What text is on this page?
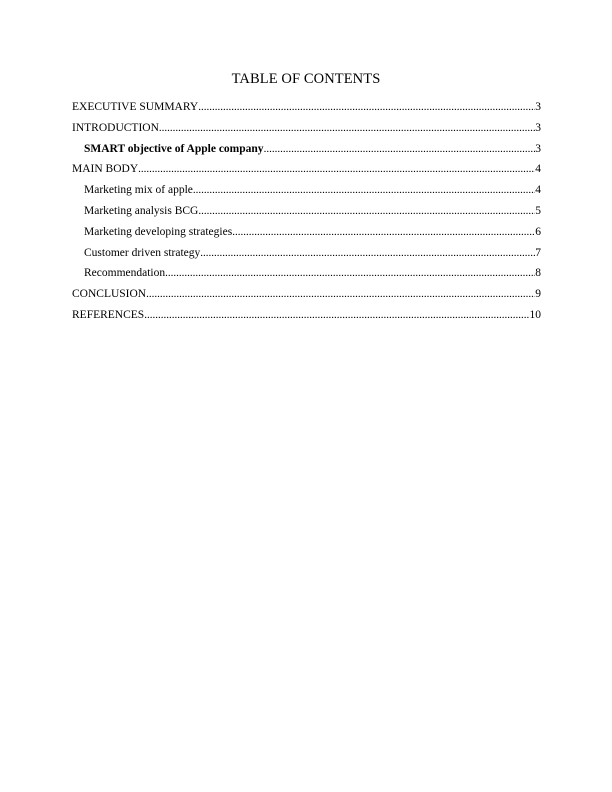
TABLE OF CONTENTS
EXECUTIVE SUMMARY .....	3
INTRODUCTION .....	3
SMART objective of Apple company .....	3
MAIN BODY .....	4
Marketing mix of apple .....	4
Marketing analysis BCG .....	5
Marketing developing strategies .....	6
Customer driven strategy .....	7
Recommendation .....	8
CONCLUSION .....	9
REFERENCES .....	10
